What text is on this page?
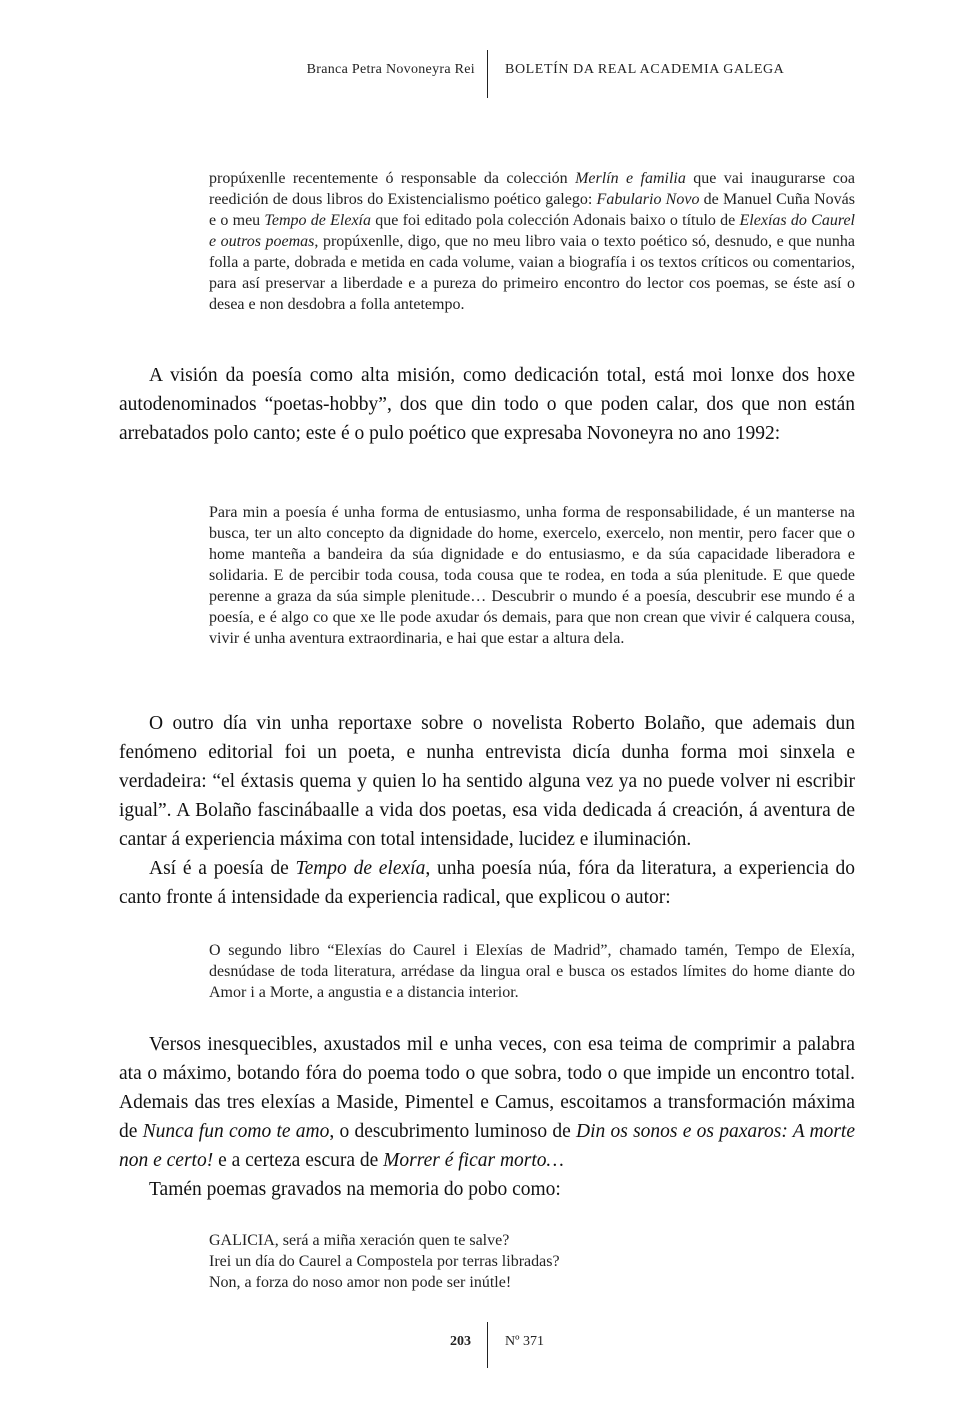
Branca Petra Novoneyra Rei BOLETÍN DA REAL ACADEMIA GALEGA

propúxenlle recentemente ó responsable da colección Merlín e familia que vai inaugurarse coa reedición de dous libros do Existencialismo poético galego: Fabulario Novo de Manuel Cuña Novás e o meu Tempo de Elexía que foi editado pola colección Adonais baixo o título de Elexías do Caurel e outros poemas, propúxenlle, digo, que no meu libro vaia o texto poético só, desnudo, e que nunha folla a parte, dobrada e metida en cada volume, vaian a biografía i os textos críticos ou comentarios, para así preservar a liberdade e a pureza do primeiro encontro do lector cos poemas, se éste así o desea e non desdobra a folla antetempo.

A visión da poesía como alta misión, como dedicación total, está moi lonxe dos hoxe autodenominados “poetas-hobby”, dos que din todo o que poden calar, dos que non están arrebatados polo canto; este é o pulo poético que expresaba Novoneyra no ano 1992:

Para min a poesía é unha forma de entusiasmo, unha forma de responsabilidade, é un manterse na busca, ter un alto concepto da dignidade do home, exercelo, exercelo, non mentir, pero facer que o home manteña a bandeira da súa dignidade e do entusiasmo, e da súa capacidade liberadora e solidaria. E de percibir toda cousa, toda cousa que te rodea, en toda a súa plenitude. E que quede perenne a graza da súa simple plenitude… Descubrir o mundo é a poesía, descubrir ese mundo é a poesía, e é algo co que xe lle pode axudar ós demais, para que non crean que vivir é calquera cousa, vivir é unha aventura extraordinaria, e hai que estar a altura dela.

O outro día vin unha reportaxe sobre o novelista Roberto Bolaño, que ademais dun fenómeno editorial foi un poeta, e nunha entrevista dicía dunha forma moi sinxela e verdadeira: “el éxtasis quema y quien lo ha sentido alguna vez ya no puede volver ni escribir igual”. A Bolaño fascinábaalle a vida dos poetas, esa vida dedicada á creación, á aventura de cantar á experiencia máxima con total intensidade, lucidez e iluminación.

Así é a poesía de Tempo de elexía, unha poesía núa, fóra da literatura, a experiencia do canto fronte á intensidade da experiencia radical, que explicou o autor:

O segundo libro “Elexías do Caurel i Elexías de Madrid”, chamado tamén, Tempo de Elexía, desnúdase de toda literatura, arrédase da lingua oral e busca os estados límites do home diante do Amor i a Morte, a angustia e a distancia interior.

Versos inesquecibles, axustados mil e unha veces, con esa teima de comprimir a palabra ata o máximo, botando fóra do poema todo o que sobra, todo o que impide un encontro total. Ademais das tres elexías a Maside, Pimentel e Camus, escoitamos a transformación máxima de Nunca fun como te amo, o descubrimento luminoso de Din os sonos e os paxaros: A morte non e certo! e a certeza escura de Morrer é ficar morto…

Tamén poemas gravados na memoria do pobo como:

GALICIA, será a miña xeración quen te salve?
Irei un día do Caurel a Compostela por terras libradas?
Non, a forza do noso amor non pode ser inútle!
203 Nº 371
